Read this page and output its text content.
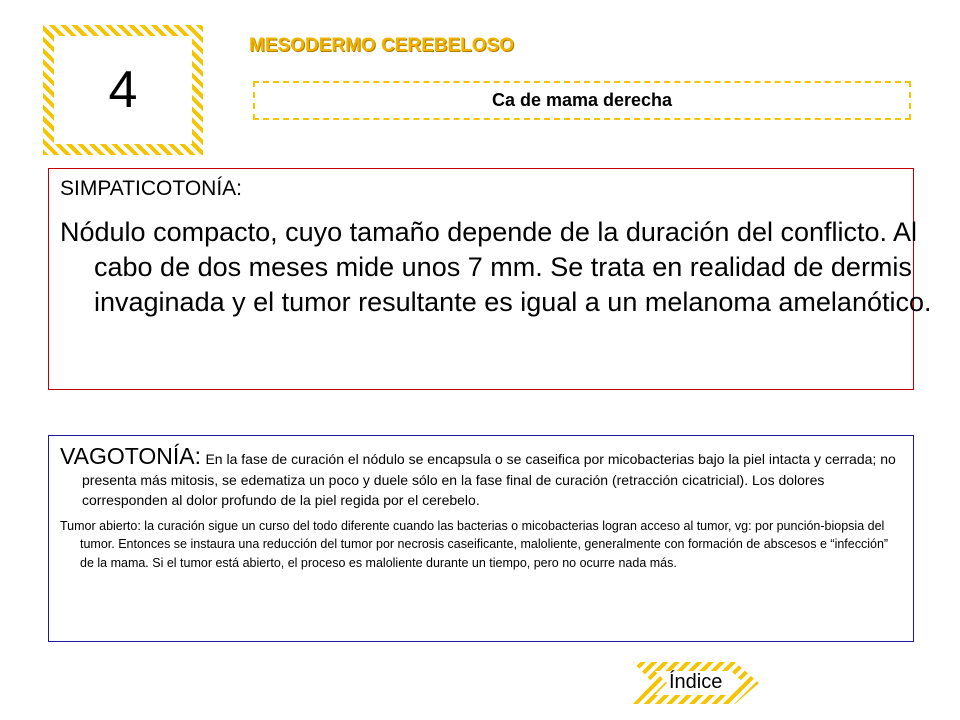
4
MESODERMO CEREBELOSO
Ca de mama derecha
SIMPATICOTONÍA:
Nódulo compacto, cuyo tamaño depende de la duración del conflicto. Al cabo de dos meses mide unos 7 mm. Se trata en realidad de dermis invaginada y el tumor resultante es igual a un melanoma amelanótico.

VAGOTONÍA: En la fase de curación el nódulo se encapsula o se caseifica por micobacterias bajo la piel intacta y cerrada; no presenta más mitosis, se edematiza un poco y duele sólo en la fase final de curación (retracción cicatricial). Los dolores corresponden al dolor profundo de la piel regida por el cerebelo.

Tumor abierto: la curación sigue un curso del todo diferente cuando las bacterias o micobacterias logran acceso al tumor, vg: por punción-biopsia del tumor. Entonces se instaura una reducción del tumor por necrosis caseificante, maloliente, generalmente con formación de abscesos e “infección” de la mama. Si el tumor está abierto, el proceso es maloliente durante un tiempo, pero no ocurre nada más.

Índice
